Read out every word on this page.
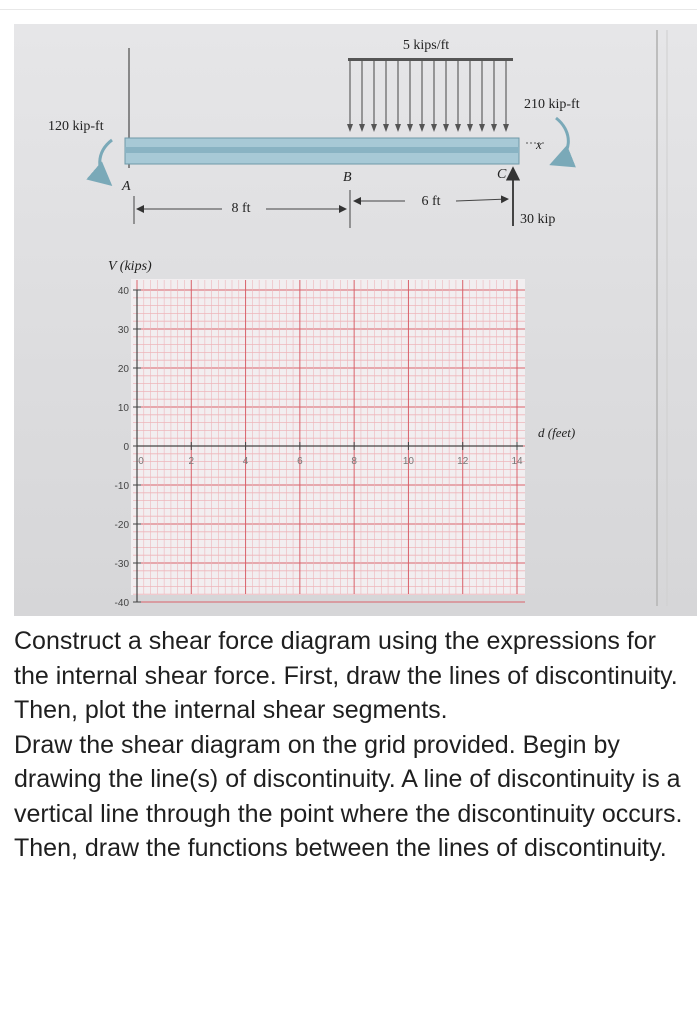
5 kips/ft
120 kip-ft
A
210 kip-ft
x
B	C
30 kip
8 ft	6 ft
40
30
20
10
0
-10
-20
-30
-40
0	2	4	6	8	10	12	14
V (kips)
d (feet)

Construct a shear force diagram using the expressions for the internal shear force. First, draw the lines of discontinuity. Then, plot the internal shear segments.

Draw the shear diagram on the grid provided. Begin by drawing the line(s) of discontinuity. A line of discontinuity is a vertical line through the point where the discontinuity occurs. Then, draw the functions between the lines of discontinuity.
